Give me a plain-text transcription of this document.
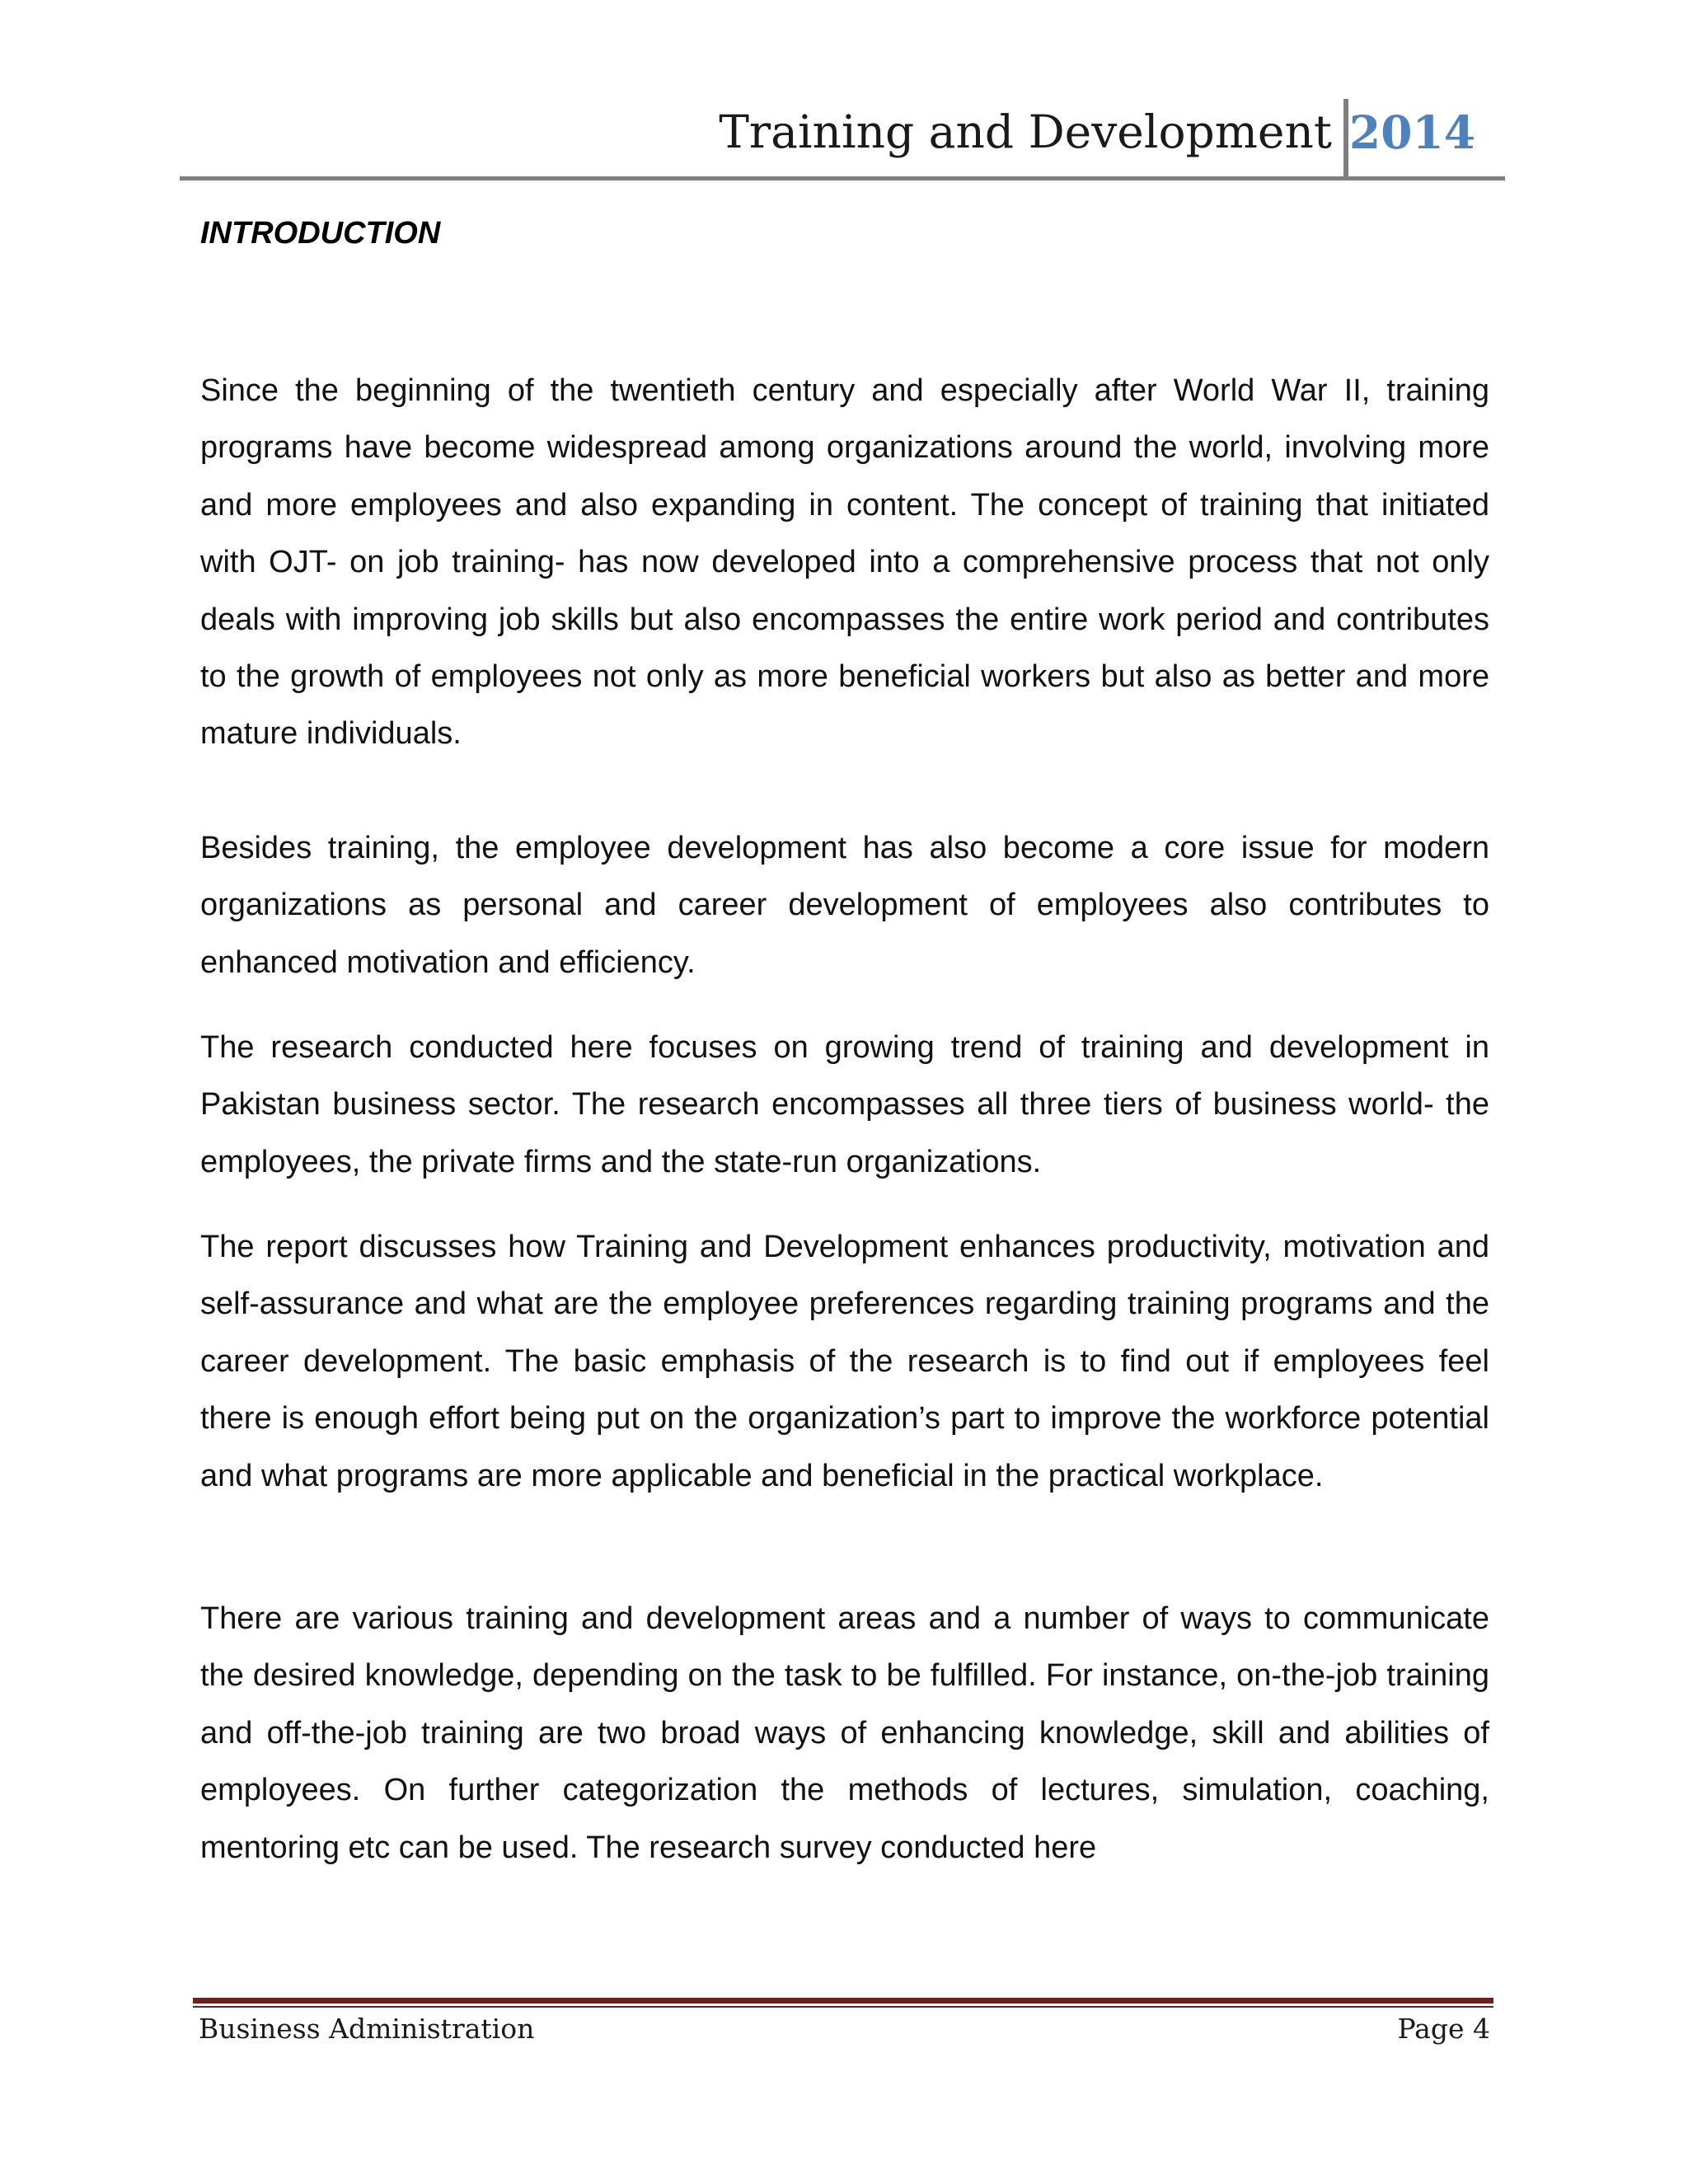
Training and Development 2014
INTRODUCTION

Since the beginning of the twentieth century and especially after World War II, training programs have become widespread among organizations around the world, involving more and more employees and also expanding in content. The concept of training that initiated with OJT- on job training- has now developed into a comprehensive process that not only deals with improving job skills but also encompasses the entire work period and contributes to the growth of employees not only as more beneficial workers but also as better and more mature individuals.

Besides training, the employee development has also become a core issue for modern organizations as personal and career development of employees also contributes to enhanced motivation and efficiency.

The research conducted here focuses on growing trend of training and development in Pakistan business sector. The research encompasses all three tiers of business world- the employees, the private firms and the state-run organizations.

The report discusses how Training and Development enhances productivity, motivation and self-assurance and what are the employee preferences regarding training programs and the career development. The basic emphasis of the research is to find out if employees feel there is enough effort being put on the organization’s part to improve the workforce potential and what programs are more applicable and beneficial in the practical workplace.

There are various training and development areas and a number of ways to communicate the desired knowledge, depending on the task to be fulfilled. For instance, on-the-job training and off-the-job training are two broad ways of enhancing knowledge, skill and abilities of employees. On further categorization the methods of lectures, simulation, coaching, mentoring etc can be used. The research survey conducted here

Business Administration	Page 4
